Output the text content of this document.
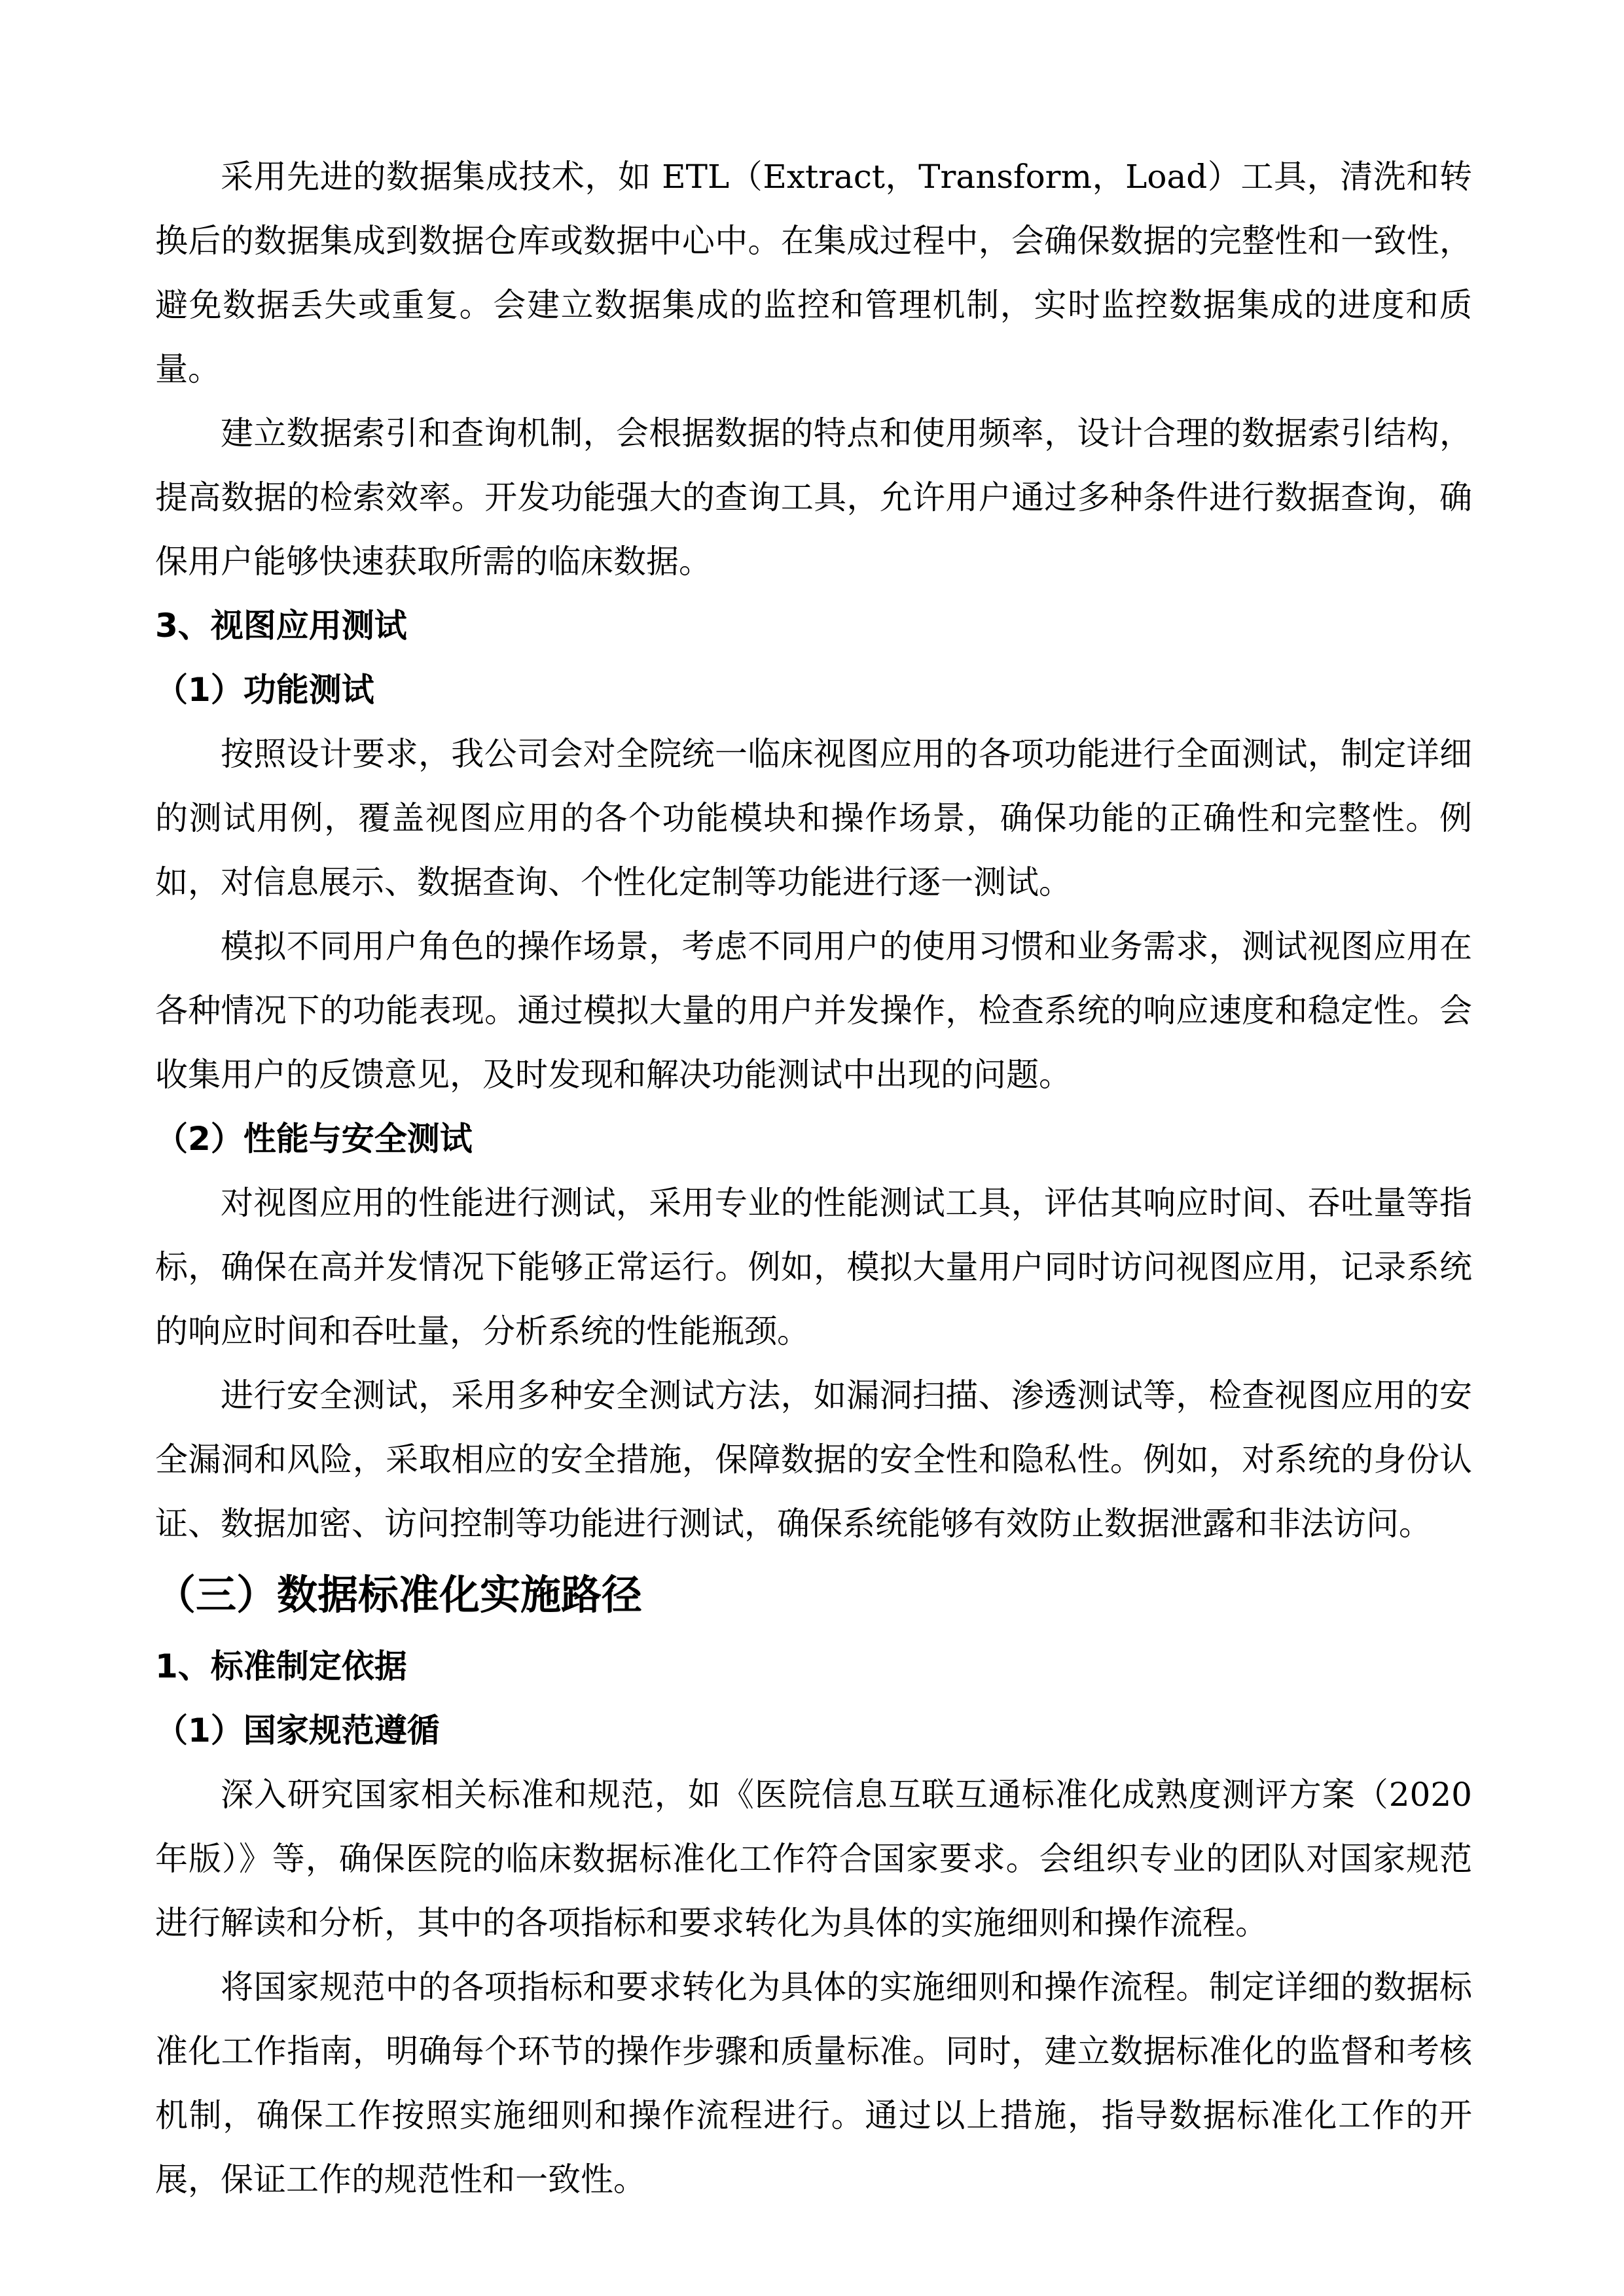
采用先进的数据集成技术，如 ETL（Extract，Transform，Load）工具，清洗和转换后的数据集成到数据仓库或数据中心中。在集成过程中，会确保数据的完整性和一致性，避免数据丢失或重复。会建立数据集成的监控和管理机制，实时监控数据集成的进度和质量。

建立数据索引和查询机制，会根据数据的特点和使用频率，设计合理的数据索引结构，提高数据的检索效率。开发功能强大的查询工具，允许用户通过多种条件进行数据查询，确保用户能够快速获取所需的临床数据。

3、视图应用测试
（1）功能测试

按照设计要求，我公司会对全院统一临床视图应用的各项功能进行全面测试，制定详细的测试用例，覆盖视图应用的各个功能模块和操作场景，确保功能的正确性和完整性。例如，对信息展示、数据查询、个性化定制等功能进行逐一测试。

模拟不同用户角色的操作场景，考虑不同用户的使用习惯和业务需求，测试视图应用在各种情况下的功能表现。通过模拟大量的用户并发操作，检查系统的响应速度和稳定性。会收集用户的反馈意见，及时发现和解决功能测试中出现的问题。

（2）性能与安全测试

对视图应用的性能进行测试，采用专业的性能测试工具，评估其响应时间、吞吐量等指标，确保在高并发情况下能够正常运行。例如，模拟大量用户同时访问视图应用，记录系统的响应时间和吞吐量，分析系统的性能瓶颈。

进行安全测试，采用多种安全测试方法，如漏洞扫描、渗透测试等，检查视图应用的安全漏洞和风险，采取相应的安全措施，保障数据的安全性和隐私性。例如，对系统的身份认证、数据加密、访问控制等功能进行测试，确保系统能够有效防止数据泄露和非法访问。

（三）数据标准化实施路径
1、标准制定依据
（1）国家规范遵循

深入研究国家相关标准和规范，如《医院信息互联互通标准化成熟度测评方案（2020年版）》等，确保医院的临床数据标准化工作符合国家要求。会组织专业的团队对国家规范进行解读和分析，其中的各项指标和要求转化为具体的实施细则和操作流程。

将国家规范中的各项指标和要求转化为具体的实施细则和操作流程。制定详细的数据标准化工作指南，明确每个环节的操作步骤和质量标准。同时，建立数据标准化的监督和考核机制，确保工作按照实施细则和操作流程进行。通过以上措施，指导数据标准化工作的开展，保证工作的规范性和一致性。
